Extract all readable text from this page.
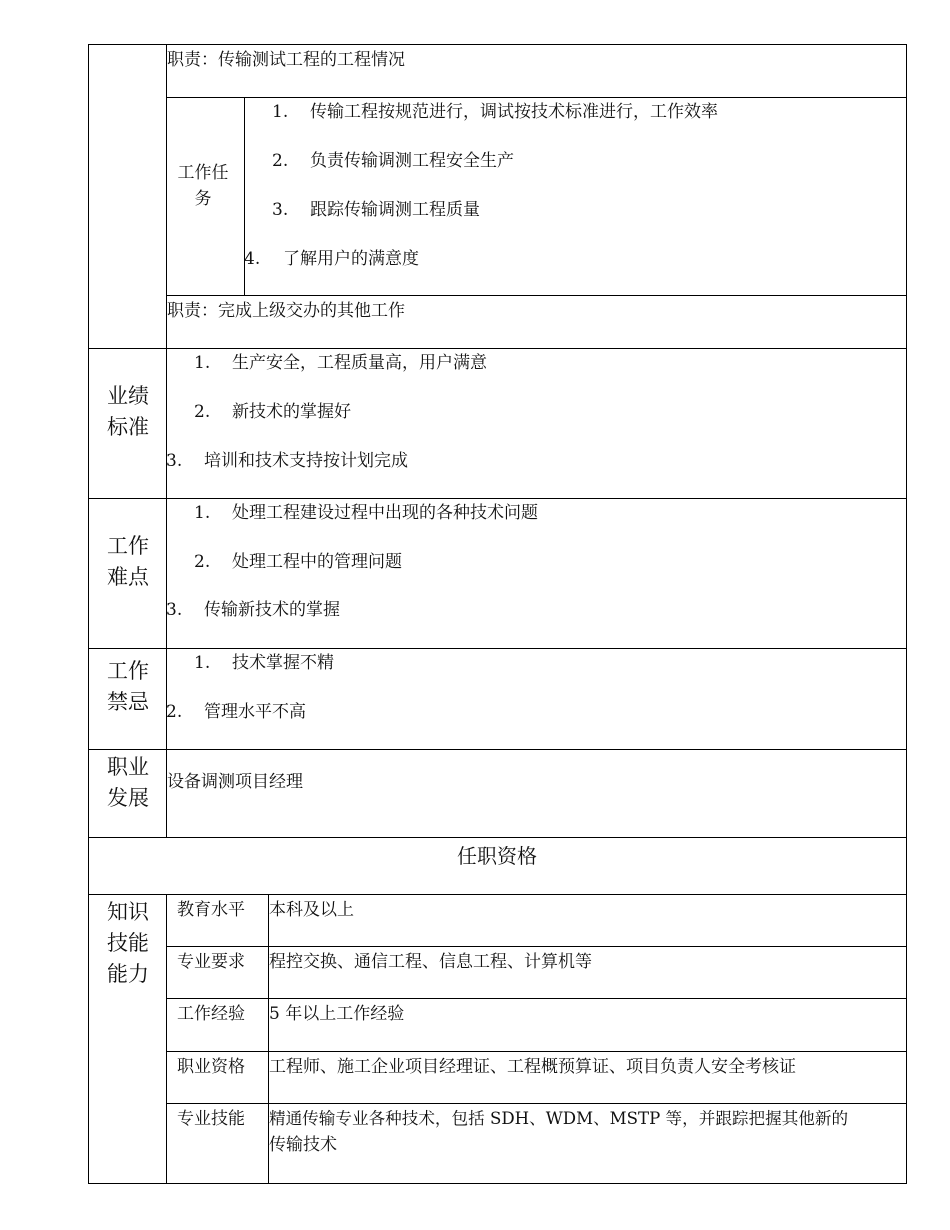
职责：传输测试工程的工程情况
工作任务
1. 传输工程按规范进行，调试按技术标准进行，工作效率
2. 负责传输调测工程安全生产
3. 跟踪传输调测工程质量
4. 了解用户的满意度
职责：完成上级交办的其他工作
业绩标准
1. 生产安全，工程质量高，用户满意
2. 新技术的掌握好
3. 培训和技术支持按计划完成
工作难点
1. 处理工程建设过程中出现的各种技术问题
2. 处理工程中的管理问题
3. 传输新技术的掌握
工作禁忌
1. 技术掌握不精
2. 管理水平不高
职业发展
设备调测项目经理
任职资格
知识技能能力
教育水平 本科及以上
专业要求 程控交换、通信工程、信息工程、计算机等
工作经验 5 年以上工作经验
职业资格 工程师、施工企业项目经理证、工程概预算证、项目负责人安全考核证
专业技能 精通传输专业各种技术，包括 SDH、WDM、MSTP 等，并跟踪把握其他新的
传输技术
